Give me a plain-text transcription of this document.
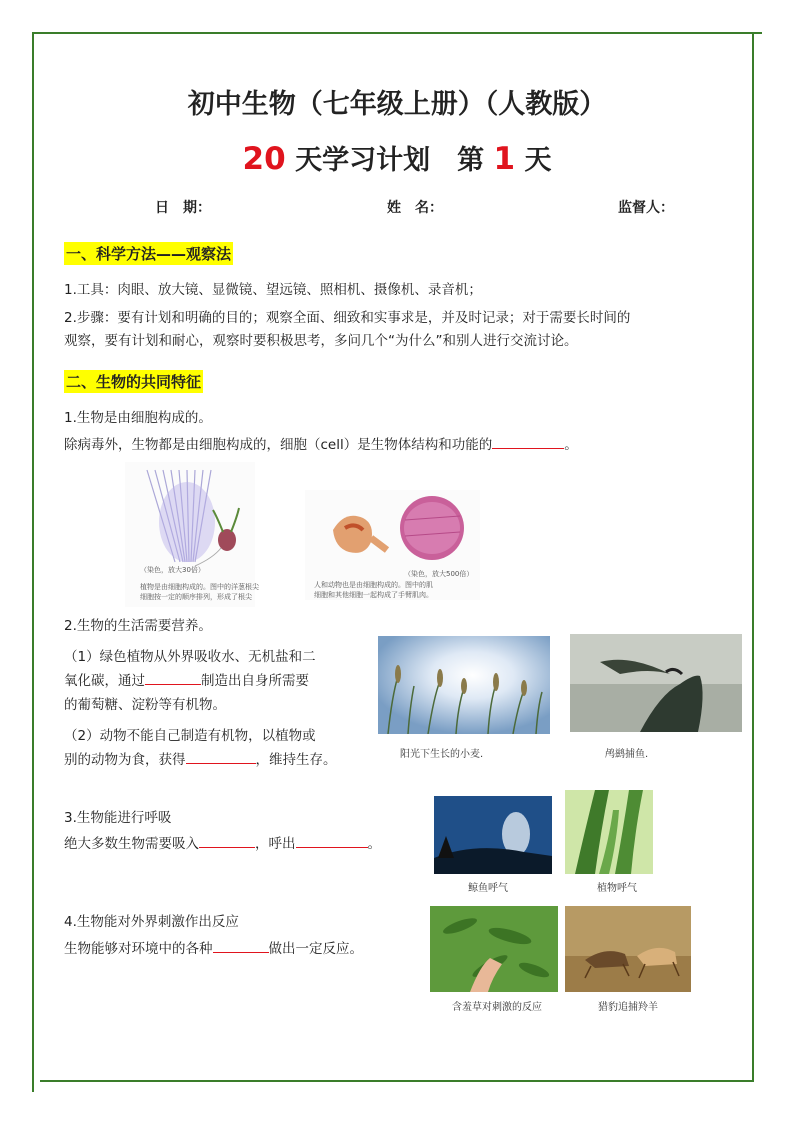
初中生物（七年级上册）（人教版）
20 天学习计划　第 1 天
日　期：	姓　名：	监督人：
一、科学方法——观察法
1.工具：肉眼、放大镜、显微镜、望远镜、照相机、摄像机、录音机；
2.步骤：要有计划和明确的目的；观察全面、细致和实事求是，并及时记录；对于需要长时间的
观察，要有计划和耐心，观察时要积极思考，多问几个“为什么”和别人进行交流讨论。
二、生物的共同特征
1.生物是由细胞构成的。
除病毒外，生物都是由细胞构成的，细胞（cell）是生物体结构和功能的	。
（染色，放大30倍）
植物是由细胞构成的。图中的洋葱根尖
细胞按一定的顺序排列，形成了根尖
（染色，放大500倍）
人和动物也是由细胞构成的。图中的肌
细胞和其他细胞一起构成了手臂肌肉。
2.生物的生活需要营养。
（1）绿色植物从外界吸收水、无机盐和二
氧化碳，通过	制造出自身所需要
的葡萄糖、淀粉等有机物。
（2）动物不能自己制造有机物，以植物或
别的动物为食，获得	，维持生存。	阳光下生长的小麦.	鸬鹚捕鱼.
3.生物能进行呼吸
绝大多数生物需要吸入	，呼出	。
鲸鱼呼气	植物呼气
4.生物能对外界刺激作出反应
生物能够对环境中的各种	做出一定反应。
含羞草对刺激的反应	猎豹追捕羚羊
